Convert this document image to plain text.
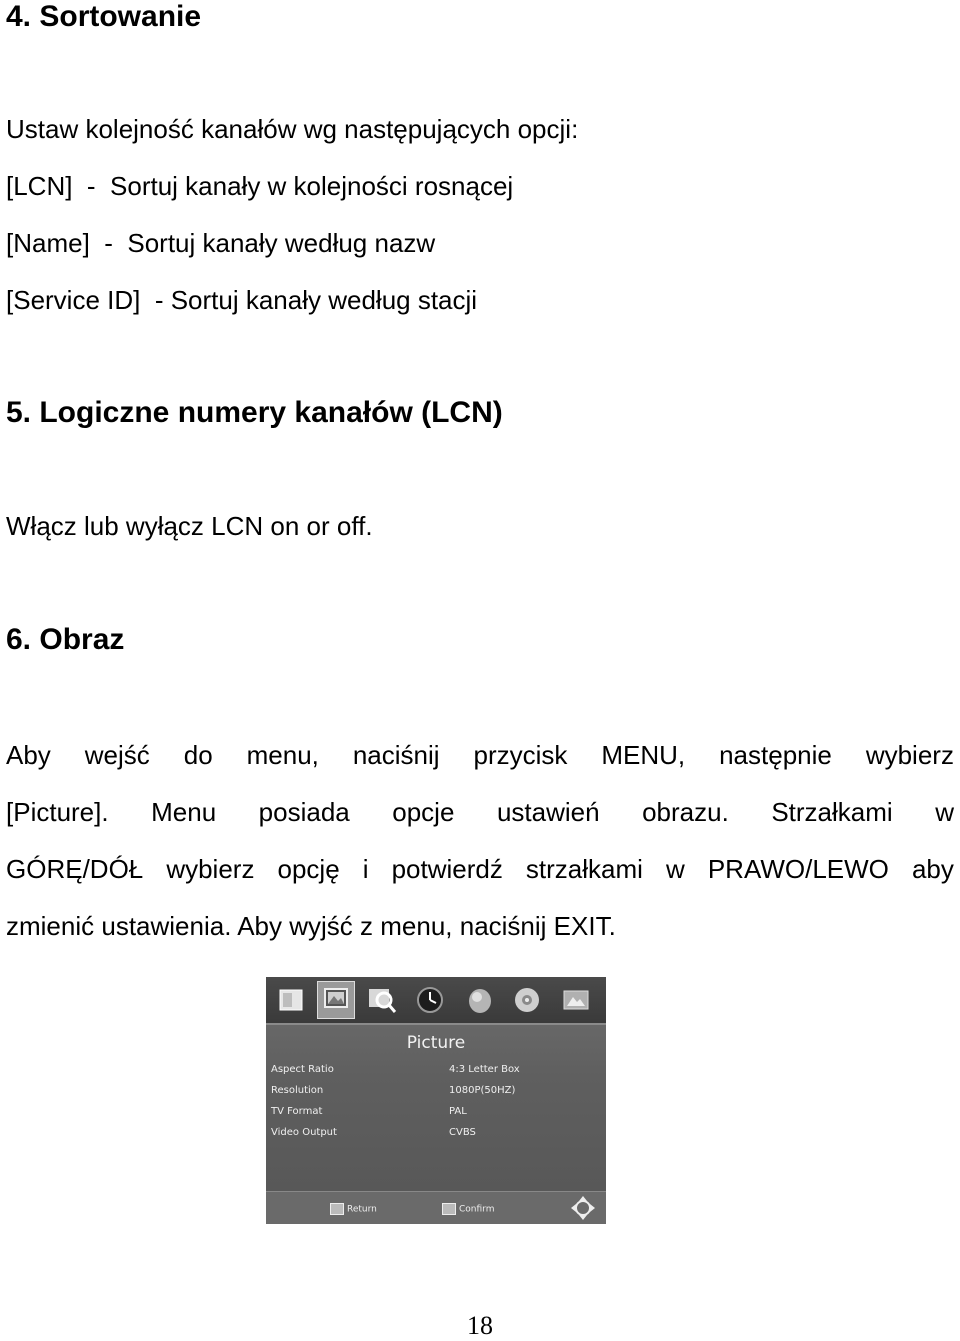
4. Sortowanie
Ustaw kolejność kanałów wg następujących opcji:
[LCN]  -  Sortuj kanały w kolejności rosnącej
[Name]  -  Sortuj kanały według nazw
[Service ID]  - Sortuj kanały według stacji
5. Logiczne numery kanałów (LCN)
Włącz lub wyłącz LCN on or off.
6. Obraz
Aby wejść do menu, naciśnij przycisk MENU, następnie wybierz
[Picture]. Menu posiada opcje ustawień obrazu. Strzałkami w
GÓRĘ/DÓŁ wybierz opcję i potwierdź strzałkami w PRAWO/LEWO aby
zmienić ustawienia. Aby wyjść z menu, naciśnij EXIT.
Picture
Aspect Ratio	4:3 Letter Box
Resolution	1080P(50HZ)
TV Format	PAL
Video Output	CVBS
Return	Confirm
18
